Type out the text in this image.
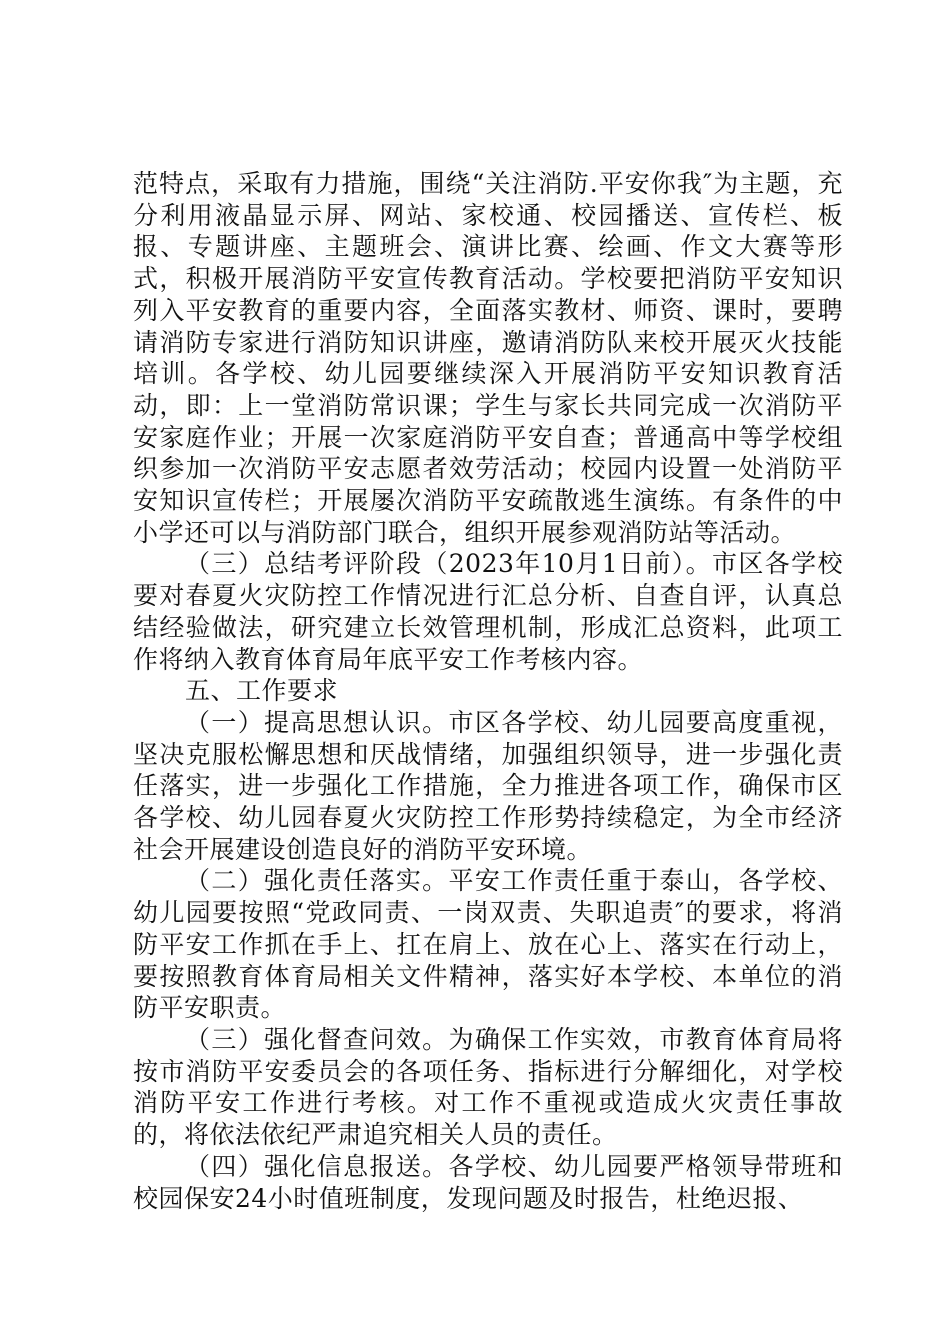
范特点，采取有力措施，围绕“关注消防.平安你我″为主题，充分利用液晶显示屏、网站、家校通、校园播送、宣传栏、板报、专题讲座、主题班会、演讲比赛、绘画、作文大赛等形式，积极开展消防平安宣传教育活动。学校要把消防平安知识列入平安教育的重要内容，全面落实教材、师资、课时，要聘请消防专家进行消防知识讲座，邀请消防队来校开展灭火技能培训。各学校、幼儿园要继续深入开展消防平安知识教育活动，即：上一堂消防常识课；学生与家长共同完成一次消防平安家庭作业；开展一次家庭消防平安自查；普通高中等学校组织参加一次消防平安志愿者效劳活动；校园内设置一处消防平安知识宣传栏；开展屡次消防平安疏散逃生演练。有条件的中小学还可以与消防部门联合，组织开展参观消防站等活动。

（三）总结考评阶段（2023年10月1日前）。市区各学校要对春夏火灾防控工作情况进行汇总分析、自查自评，认真总结经验做法，研究建立长效管理机制，形成汇总资料，此项工作将纳入教育体育局年底平安工作考核内容。

五、工作要求

（一）提高思想认识。市区各学校、幼儿园要高度重视，坚决克服松懈思想和厌战情绪，加强组织领导，进一步强化责任落实，进一步强化工作措施，全力推进各项工作，确保市区各学校、幼儿园春夏火灾防控工作形势持续稳定，为全市经济社会开展建设创造良好的消防平安环境。

（二）强化责任落实。平安工作责任重于泰山，各学校、幼儿园要按照“党政同责、一岗双责、失职追责″的要求，将消防平安工作抓在手上、扛在肩上、放在心上、落实在行动上，要按照教育体育局相关文件精神，落实好本学校、本单位的消防平安职责。

（三）强化督查问效。为确保工作实效，市教育体育局将按市消防平安委员会的各项任务、指标进行分解细化，对学校消防平安工作进行考核。对工作不重视或造成火灾责任事故的，将依法依纪严肃追究相关人员的责任。

（四）强化信息报送。各学校、幼儿园要严格领导带班和校园保安24小时值班制度，发现问题及时报告，杜绝迟报、
